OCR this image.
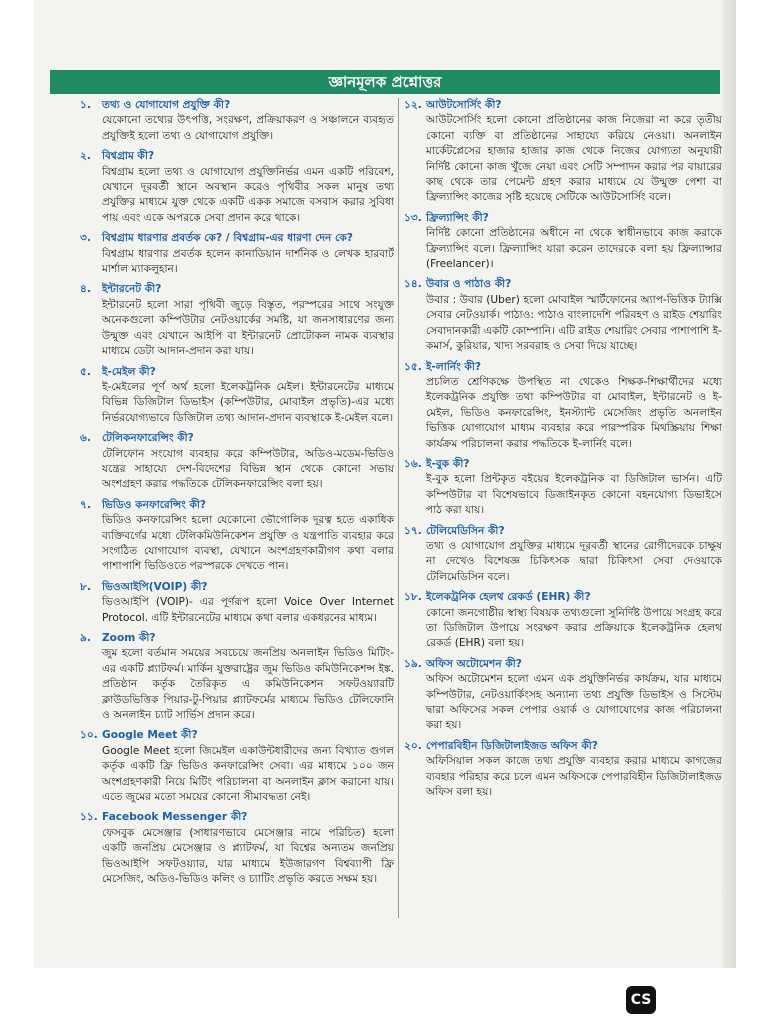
জ্ঞানমূলক প্রশ্নোত্তর
১.	তথ্য ও যোগাযোগ প্রযুক্তি কী?
যেকোনো তথ্যের উৎপত্তি, সংরক্ষণ, প্রক্রিয়াকরণ ও সঞ্চালনে ব্যবহৃত প্রযুক্তিই হলো তথ্য ও যোগাযোগ প্রযুক্তি।
২.	বিশ্বগ্রাম কী?
বিশ্বগ্রাম হলো তথ্য ও যোগাযোগ প্রযুক্তিনির্ভর এমন একটি পরিবেশ, যেখানে দূরবর্তী স্থানে অবস্থান করেও পৃথিবীর সকল মানুষ তথ্য প্রযুক্তির মাধ্যমে যুক্ত থেকে একটি একক সমাজে বসবাস করার সুবিধা পায় এবং একে অপরকে সেবা প্রদান করে থাকে।
৩.	বিশ্বগ্রাম ধারণার প্রবর্তক কে? / বিশ্বগ্রাম-এর ধারণা দেন কে?
বিশ্বগ্রাম ধারণার প্রবর্তক হলেন কানাডিয়ান দার্শনিক ও লেখক হারবার্ট মার্শাল ম্যাকলুহান।
৪.	ইন্টারনেট কী?
ইন্টারনেট হলো সারা পৃথিবী জুড়ে বিস্তৃত, পরস্পরের সাথে সংযুক্ত অনেকগুলো কম্পিউটার নেটওয়ার্কের সমষ্টি, যা জনসাধারণের জন্য উন্মুক্ত এবং যেখানে আইপি বা ইন্টারনেট প্রোটোকল নামক ব্যবস্থার মাধ্যমে ডেটা আদান-প্রদান করা যায়।
৫.	ই-মেইল কী?
ই-মেইলের পূর্ণ অর্থ হলো ইলেকট্রনিক মেইল। ইন্টারনেটের মাধ্যমে বিভিন্ন ডিজিটাল ডিভাইস (কম্পিউটার, মোবাইল প্রভৃতি)-এর মধ্যে নির্ভরযোগ্যভাবে ডিজিটাল তথ্য আদান-প্রদান ব্যবস্থাকে ই-মেইল বলে।
৬.	টেলিকনফারেন্সিং কী?
টেলিফোন সংযোগ ব্যবহার করে কম্পিউটার, অডিও-মডেম-ভিডিও যন্ত্রের সাহায্যে দেশ-বিদেশের বিভিন্ন স্থান থেকে কোনো সভায় অংশগ্রহণ করার পদ্ধতিকে টেলিকনফারেন্সিং বলা হয়।
৭.	ভিডিও কনফারেন্সিং কী?
ভিডিও কনফারেন্সিং হলো যেকোনো ভৌগোলিক দূরত্ব হতে একাধিক ব্যক্তিবর্গের মধ্যে টেলিকমিউনিকেশন প্রযুক্তি ও যন্ত্রপাতি ব্যবহার করে সংগঠিত যোগাযোগ ব্যবস্থা, যেখানে অংশগ্রহণকারীগণ কথা বলার পাশাপাশি ভিডিওতে পরস্পরকে দেখতে পান।
৮.	ভিওআইপি(VOIP) কী?
ভিওআইপি (VOIP)- এর পূর্ণরূপ হলো Voice Over Internet Protocol. এটি ইন্টারনেটের মাধ্যমে কথা বলার একধরনের মাধ্যম।
৯.	Zoom কী?
জুম হলো বর্তমান সময়ের সবচেয়ে জনপ্রিয় অনলাইন ভিডিও মিটিং-এর একটি প্ল্যাটফর্ম। মার্কিন যুক্তরাষ্ট্রের জুম ভিডিও কমিউনিকেশন্স ইঙ্ক. প্রতিষ্ঠান কর্তৃক তৈরিকৃত এ কমিউনিকেশন সফটওয়্যারটি ক্লাউডভিত্তিক পিয়ার-টু-পিয়ার প্ল্যাটফর্মের মাধ্যমে ভিডিও টেলিফোনি ও অনলাইন চ্যাট সার্ভিস প্রদান করে।
১০. Google Meet কী?
Google Meet হলো জিমেইল একাউন্টধারীদের জন্য বিখ্যাত গুগল কর্তৃক একটি ফ্রি ভিডিও কনফারেন্সিং সেবা। এর মাধ্যমে ১০০ জন অংশগ্রহণকারী নিয়ে মিটিং পরিচালনা বা অনলাইন ক্লাস করানো যায়। এতে জুমের মতো সময়ের কোনো সীমাবদ্ধতা নেই।
১১. Facebook Messenger কী?
ফেসবুক মেসেঞ্জার (সাধারণভাবে মেসেঞ্জার নামে পরিচিত) হলো একটি জনপ্রিয় মেসেঞ্জার ও প্ল্যাটফর্ম, যা বিশ্বের অন্যতম জনপ্রিয় ভিওআইপি সফটওয়্যার, যার মাধ্যমে ইউজারগণ বিশ্বব্যাপী ফ্রি মেসেজিং, অডিও-ভিডিও কলিং ও চ্যাটিং প্রভৃতি করতে সক্ষম হয়।
১২. আউটসোর্সিং কী?
আউটসোর্সিং হলো কোনো প্রতিষ্ঠানের কাজ নিজেরা না করে তৃতীয় কোনো ব্যক্তি বা প্রতিষ্ঠানের সাহায্যে করিয়ে নেওয়া। অনলাইন মার্কেটপ্লেসের হাজার হাজার কাজ থেকে নিজের যোগ্যতা অনুযায়ী নির্দিষ্ট কোনো কাজ খুঁজে নেয়া এবং সেটি সম্পাদন করার পর বায়ারের কাছ থেকে তার পেমেন্ট গ্রহণ করার মাধ্যমে যে উন্মুক্ত পেশা বা ফ্রিল্যান্সিং কাজের সৃষ্টি হয়েছে সেটিকে আউটসোর্সিং বলে।
১৩. ফ্রিল্যান্সিং কী?
নির্দিষ্ট কোনো প্রতিষ্ঠানের অধীনে না থেকে স্বাধীনভাবে কাজ করাকে ফ্রিল্যান্সিং বলে। ফ্রিল্যান্সিং যারা করেন তাদেরকে বলা হয় ফ্রিল্যান্সার (Freelancer)।
১৪. উবার ও পাঠাও কী?
উবার : উবার (Uber) হলো মোবাইল স্মার্টফোনের অ্যাপ-ভিত্তিক ট্যাক্সি সেবার নেটওয়ার্ক। পাঠাও: পাঠাও বাংলাদেশি পরিবহণ ও রাইড শেয়ারিং সেবাদানকারী একটি কোম্পানি। এটি রাইড শেয়ারিং সেবার পাশাপাশি ই-কমার্স, কুরিয়ার, খাদ্য সরবরাহ ও সেবা দিয়ে যাচ্ছে।
১৫. ই-লার্নিং কী?
প্রচলিত শ্রেণিকক্ষে উপস্থিত না থেকেও শিক্ষক-শিক্ষার্থীদের মধ্যে ইলেকট্রনিক প্রযুক্তি তথা কম্পিউটার বা মোবাইল, ইন্টারনেট ও ই-মেইল, ভিডিও কনফারেন্সিং, ইনস্ট্যান্ট মেসেজিং প্রভৃতি অনলাইন ভিত্তিক যোগাযোগ মাধ্যম ব্যবহার করে পারস্পরিক মিথস্ক্রিয়ায় শিক্ষা কার্যক্রম পরিচালনা করার পদ্ধতিকে ই-লার্নিং বলে।
১৬. ই-বুক কী?
ই-বুক হলো প্রিন্টকৃত বইয়ের ইলেকট্রনিক বা ডিজিটাল ভার্সন। এটি কম্পিউটার বা বিশেষভাবে ডিজাইনকৃত কোনো বহনযোগ্য ডিভাইসে পাঠ করা যায়।
১৭. টেলিমেডিসিন কী?
তথ্য ও যোগাযোগ প্রযুক্তির মাধ্যমে দূরবর্তী স্থানের রোগীদেরকে চাক্ষুষ না দেখেও বিশেষজ্ঞ চিকিৎসক দ্বারা চিকিৎসা সেবা দেওয়াকে টেলিমেডিসিন বলে।
১৮. ইলেকট্রনিক হেলথ রেকর্ড (EHR) কী?
কোনো জনগোষ্ঠীর স্বাস্থ্য বিষয়ক তথ্যগুলো সুনির্দিষ্ট উপায়ে সংগ্রহ করে তা ডিজিটাল উপায়ে সংরক্ষণ করার প্রক্রিয়াকে ইলেকট্রনিক হেলথ রেকর্ড (EHR) বলা হয়।
১৯. অফিস অটোমেশন কী?
অফিস অটোমেশন হলো এমন এক প্রযুক্তিনির্ভর কার্যক্রম, যার মাধ্যমে কম্পিউটার, নেটওয়ার্কিংসহ অন্যান্য তথ্য প্রযুক্তি ডিভাইস ও সিস্টেম দ্বারা অফিসের সকল পেপার ওয়ার্ক ও যোগাযোগের কাজ পরিচালনা করা হয়।
২০. পেপারবিহীন ডিজিটালাইজড অফিস কী?
অফিসিয়াল সকল কাজে তথ্য প্রযুক্তি ব্যবহার করার মাধ্যমে কাগজের ব্যবহার পরিহার করে চলে এমন অফিসকে পেপারবিহীন ডিজিটালাইজড অফিস বলা হয়।
CS
